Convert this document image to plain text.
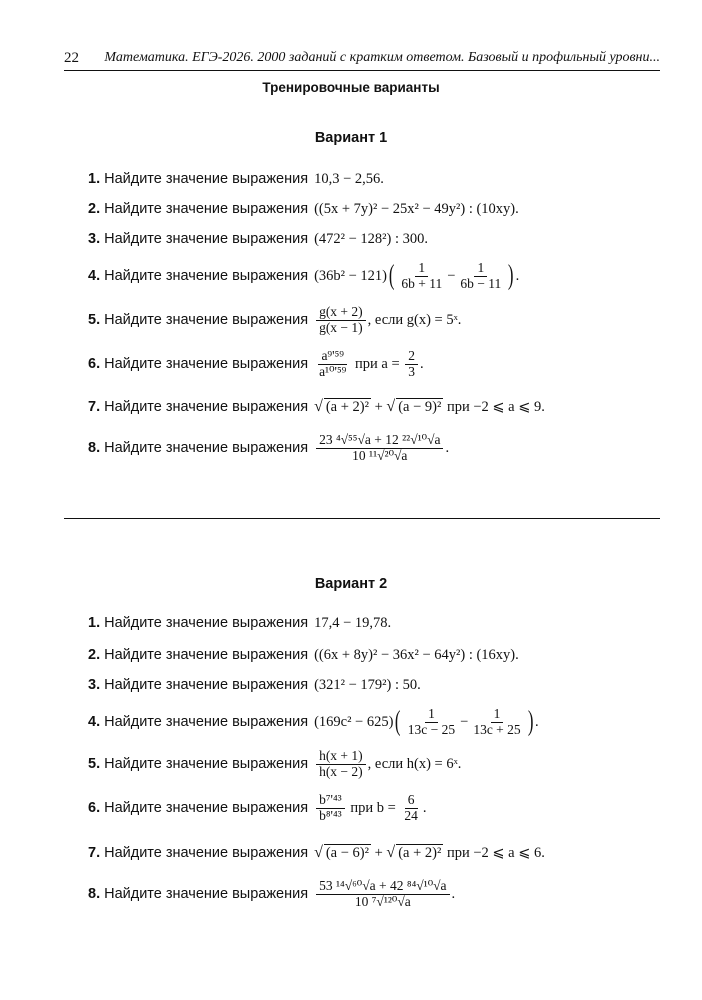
22 Математика. ЕГЭ-2026. 2000 заданий с кратким ответом. Базовый и профильный уровни...
Тренировочные варианты
Вариант 1
1. Найдите значение выражения 10,3 − 2,56.
2. Найдите значение выражения ((5x + 7y)² − 25x² − 49y²) : (10xy).
3. Найдите значение выражения (472² − 128²) : 300.
4. Найдите значение выражения (36b² − 121) ( $\frac{1}{6b + 11} - \frac{1}{6b - 11}$ ) .
5. Найдите значение выражения $\frac{g(x + 2)}{g(x - 1)}$ , если g(x) = 5ˣ.
6. Найдите значение выражения $\frac{\text{a⁹'⁵⁹}}{\text{a¹⁰'⁵⁹}}$ при $a = \frac{2}{3}$ .
7. Найдите значение выражения √ (a + 2)² + √ (a − 9)² при −2 ⩽ a ⩽ 9.
8. Найдите значение выражения $\frac{\text{23 ⁴√⁵⁵√a + 12 ²²√¹⁰√a}}{\text{10 ¹¹√²⁰√a}}$ .
Вариант 2
1. Найдите значение выражения 17,4 − 19,78.
2. Найдите значение выражения ((6x + 8y)² − 36x² − 64y²) : (16xy).
3. Найдите значение выражения (321² − 179²) : 50.
4. Найдите значение выражения (169c² − 625) ( $\frac{1}{13c - 25} - \frac{1}{13c + 25}$ ) .
5. Найдите значение выражения $\frac{h(x + 1)}{h(x - 2)}$ , если h(x) = 6ˣ.
6. Найдите значение выражения $\frac{\text{b⁷'⁴³}}{\text{b⁸'⁴³}}$ при $b = \frac{6}{24}$ .
7. Найдите значение выражения √ (a − 6)² + √ (a + 2)² при −2 ⩽ a ⩽ 6.
8. Найдите значение выражения $\frac{\text{53 ¹⁴√⁶⁰√a + 42 ⁸⁴√¹⁰√a}}{\text{10 ⁷√¹²⁰√a}}$ .
